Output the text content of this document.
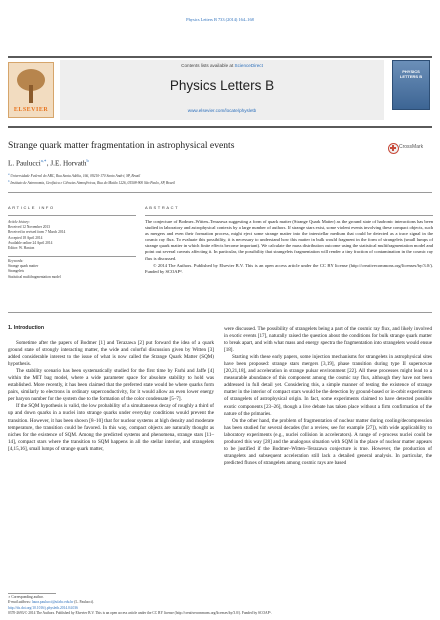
Physics Letters B 733 (2014) 164–168
ELSEVIER
Contents lists available at ScienceDirect
Physics Letters B
www.elsevier.com/locate/physletb
PHYSICS LETTERS B
Strange quark matter fragmentation in astrophysical events	CrossMark
L. Paulucci$^{a,∗}$, J.E. Horvath$^b$
$^a$ Universidade Federal do ABC, Rua Santa Adélia, 166, 09210-170 Santo André, SP, Brazil
$^b$ Instituto de Astronomia, Geofísica e Ciências Atmosféricas, Rua do Matão 1226, 05508-900 São Paulo, SP, Brazil
ARTICLE INFO
Article history:
Received 12 November 2013
Received in revised form 7 March 2014
Accepted 18 April 2014
Available online 24 April 2014
Editor: W. Haxton
Keywords:
Strange quark matter
Strangelets
Statistical multifragmentation model
ABSTRACT
The conjecture of Bodmer–Witten–Terazawa suggesting a form of quark matter (Strange Quark Matter) as the ground state of hadronic interactions has been studied in laboratory and astrophysical contexts by a large number of authors. If strange stars exist, some violent events involving these compact objects, such as mergers and even their formation process, might eject some strange matter into the interstellar medium that could be detected as a trace signal in the cosmic ray flux. To evaluate this possibility, it is necessary to understand how this matter in bulk would fragment in the form of strangelets (small lumps of strange quark matter in which finite effects become important). We calculate the mass distribution outcome using the statistical multifragmentation model and point out several caveats affecting it. In particular, the possibility that strangelets fragmentation will render a tiny fraction of contamination in the cosmic ray flux is discussed.
© 2014 The Authors. Published by Elsevier B.V. This is an open access article under the CC BY license (http://creativecommons.org/licenses/by/3.0/). Funded by SCOAP³.
1. Introduction

Sometime after the papers of Bodmer [1] and Terazawa [2] put forward the idea of a quark ground state of strongly interacting matter, the wide and colorful discussion given by Witten [3] added considerable interest to the issue of what is now called the Strange Quark Matter (SQM) hypothesis.

The stability scenario has been systematically studied for the first time by Farhi and Jaffe [4] within the MIT bag model, where a wide parameter space for absolute stability to hold was established. More recently, it has been claimed that the preferred state would be where quarks form pairs, similarly to electrons in ordinary superconductivity, for it would allow an even lower energy per baryon number for the system due to the formation of the color condensate [5–7].

If the SQM hypothesis is valid, the low probability of a simultaneous decay of roughly a third of up and down quarks in a nuclei into strange quarks under everyday conditions would prevent the transition. However, it has been shown [8–10] that for nuclear systems at high density and moderate temperature, the transition could be favored. In this way, compact objects are naturally thought as niches for the existence of SQM. Among the predicted systems and phenomena, strange stars [11–14], compact stars where the transition to SQM happens in all the stellar interior, and strangelets [4,15,16], small lumps of strange quark matter,

were discussed. The possibility of strangelets being a part of the cosmic ray flux, and likely involved in exotic events [17], naturally raised the question about the conditions for bulk strange quark matter to break apart, and with what mass and energy spectra the fragmentation into strangelets would ensue [18].

Starting with these early papers, some injection mechanisms for strangelets in astrophysical sites have been proposed: strange stars mergers [3,19], phase transition during type II supernovae [20,21,18], and acceleration in strange pulsar environment [22]. All these processes might lead to a measurable abundance of this component among the cosmic ray flux, although they have not been addressed in full detail yet. Considering this, a simple manner of testing the existence of strange matter in the interior of compact stars would be the detection by ground-based or in-orbit experiments of strangelets of astrophysical origin. In fact, some experiments claimed to have detected possible exotic components [23–26], though a live debate has taken place without a firm confirmation of the nature of the primaries.

On the other hand, the problem of fragmentation of nuclear matter during cooling/decompression has been studied for several decades (for a review, see for example [27]), with wide applicability to laboratory experiments (e.g., nuclei collision in accelerators). A range of ε-process nuclei could be produced this way [28] and the analogous situation with SQM in the place of nuclear matter appears to be justified if the Bodmer–Witten–Terazawa conjecture is true. However, the production of strangelets and subsequent acceleration still lack a detailed general analysis. In particular, the predicted fluxes of strangelets among cosmic rays are based

∗ Corresponding author.
E-mail address: laura.paulucci@ufabc.edu.br (L. Paulucci).
http://dx.doi.org/10.1016/j.physletb.2014.04.036
0370-2693/© 2014 The Authors. Published by Elsevier B.V. This is an open access article under the CC BY license (http://creativecommons.org/licenses/by/3.0/). Funded by SCOAP³.
